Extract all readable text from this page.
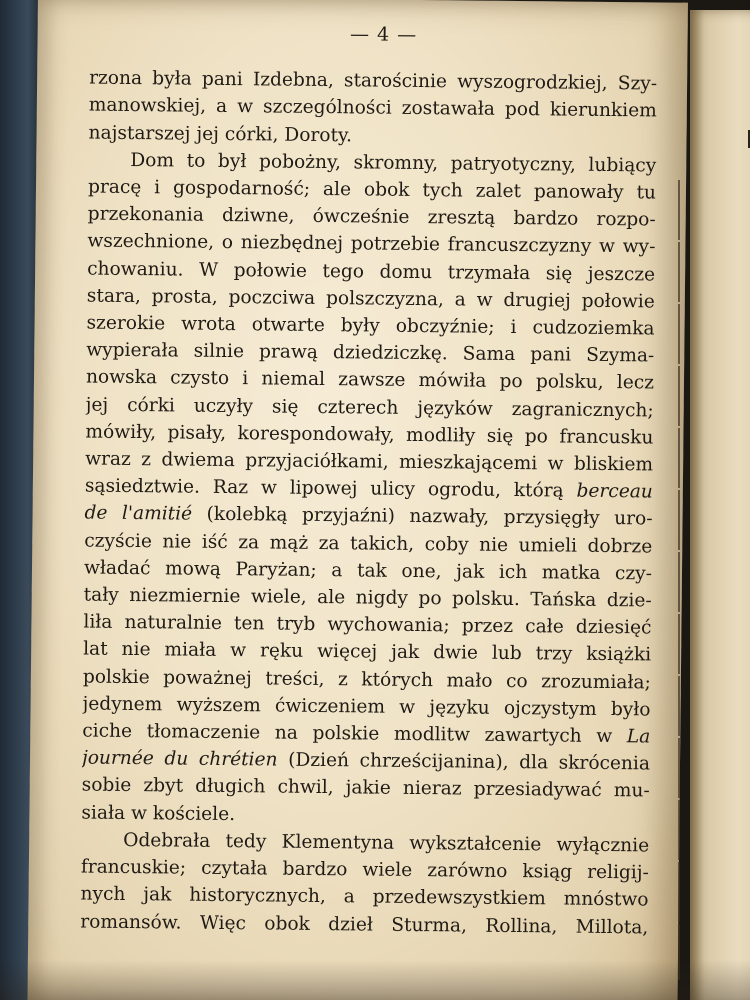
— 4 —
rzona była pani Izdebna, starościnie wyszogrodzkiej, Szy-
manowskiej, a w szczególności zostawała pod kierunkiem
najstarszej jej córki, Doroty.
Dom to był pobożny, skromny, patryotyczny, lubiący
pracę i gospodarność; ale obok tych zalet panowały tu
przekonania dziwne, ówcześnie zresztą bardzo rozpo-
wszechnione, o niezbędnej potrzebie francuszczyzny w wy-
chowaniu. W połowie tego domu trzymała się jeszcze
stara, prosta, poczciwa polszczyzna, a w drugiej połowie
szerokie wrota otwarte były obczyźnie; i cudzoziemka
wypierała silnie prawą dziedziczkę. Sama pani Szyma-
nowska czysto i niemal zawsze mówiła po polsku, lecz
jej córki uczyły się czterech języków zagranicznych;
mówiły, pisały, korespondowały, modliły się po francusku
wraz z dwiema przyjaciółkami, mieszkającemi w bliskiem
sąsiedztwie. Raz w lipowej ulicy ogrodu, którą berceau
de l'amitié (kolebką przyjaźni) nazwały, przysięgły uro-
czyście nie iść za mąż za takich, coby nie umieli dobrze
władać mową Paryżan; a tak one, jak ich matka czy-
tały niezmiernie wiele, ale nigdy po polsku. Tańska dzie-
liła naturalnie ten tryb wychowania; przez całe dziesięć
lat nie miała w ręku więcej jak dwie lub trzy książki
polskie poważnej treści, z których mało co zrozumiała;
jedynem wyższem ćwiczeniem w języku ojczystym było
ciche tłomaczenie na polskie modlitw zawartych w La
journée du chrétien (Dzień chrześcijanina), dla skrócenia
sobie zbyt długich chwil, jakie nieraz przesiadywać mu-
siała w kościele.
Odebrała tedy Klementyna wykształcenie wyłącznie
francuskie; czytała bardzo wiele zarówno ksiąg religij-
nych jak historycznych, a przedewszystkiem mnóstwo
romansów. Więc obok dzieł Sturma, Rollina, Millota,
